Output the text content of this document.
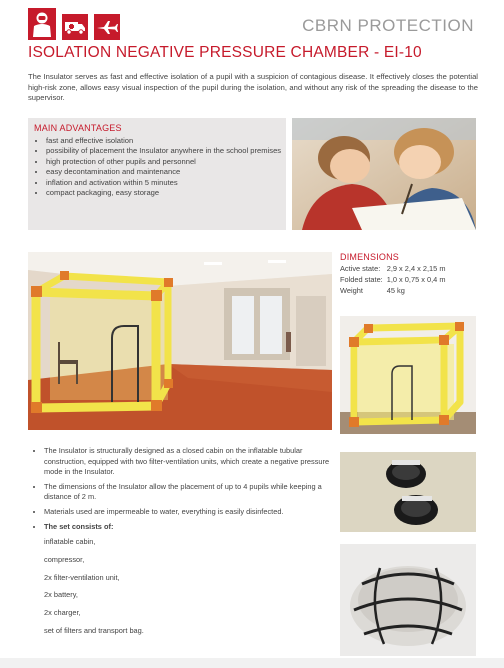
CBRN PROTECTION
ISOLATION NEGATIVE PRESSURE CHAMBER - EI-10
The Insulator serves as fast and effective isolation of a pupil with a suspicion of contagious disease. It effectively closes the potential high-risk zone, allows easy visual inspection of the pupil during the isolation, and without any risk of the spreading the disease to the supervisor.
MAIN ADVANTAGES
• fast and effective isolation
• possibility of placement the Insulator anywhere in the school premises
• high protection of other pupils and personnel
• easy decontamination and maintenance
• inflation and activation within 5 minutes
• compact packaging, easy storage
DIMENSIONS
Active state:	2,9 x 2,4 x 2,15 m
Folded state:	1,0 x 0,75 x 0,4 m
Weight	45 kg
• The Insulator is structurally designed as a closed cabin on the inflatable tubular construction, equipped with two filter-ventilation units, which create a negative pressure mode in the Insulator.
• The dimensions of the Insulator allow the placement of up to 4 pupils while keeping a distance of 2 m.
• Materials used are impermeable to water, everything is easily disinfected.
• The set consists of:
inflatable cabin,
compressor,
2x filter-ventilation unit,
2x battery,
2x charger,
set of filters and transport bag.
